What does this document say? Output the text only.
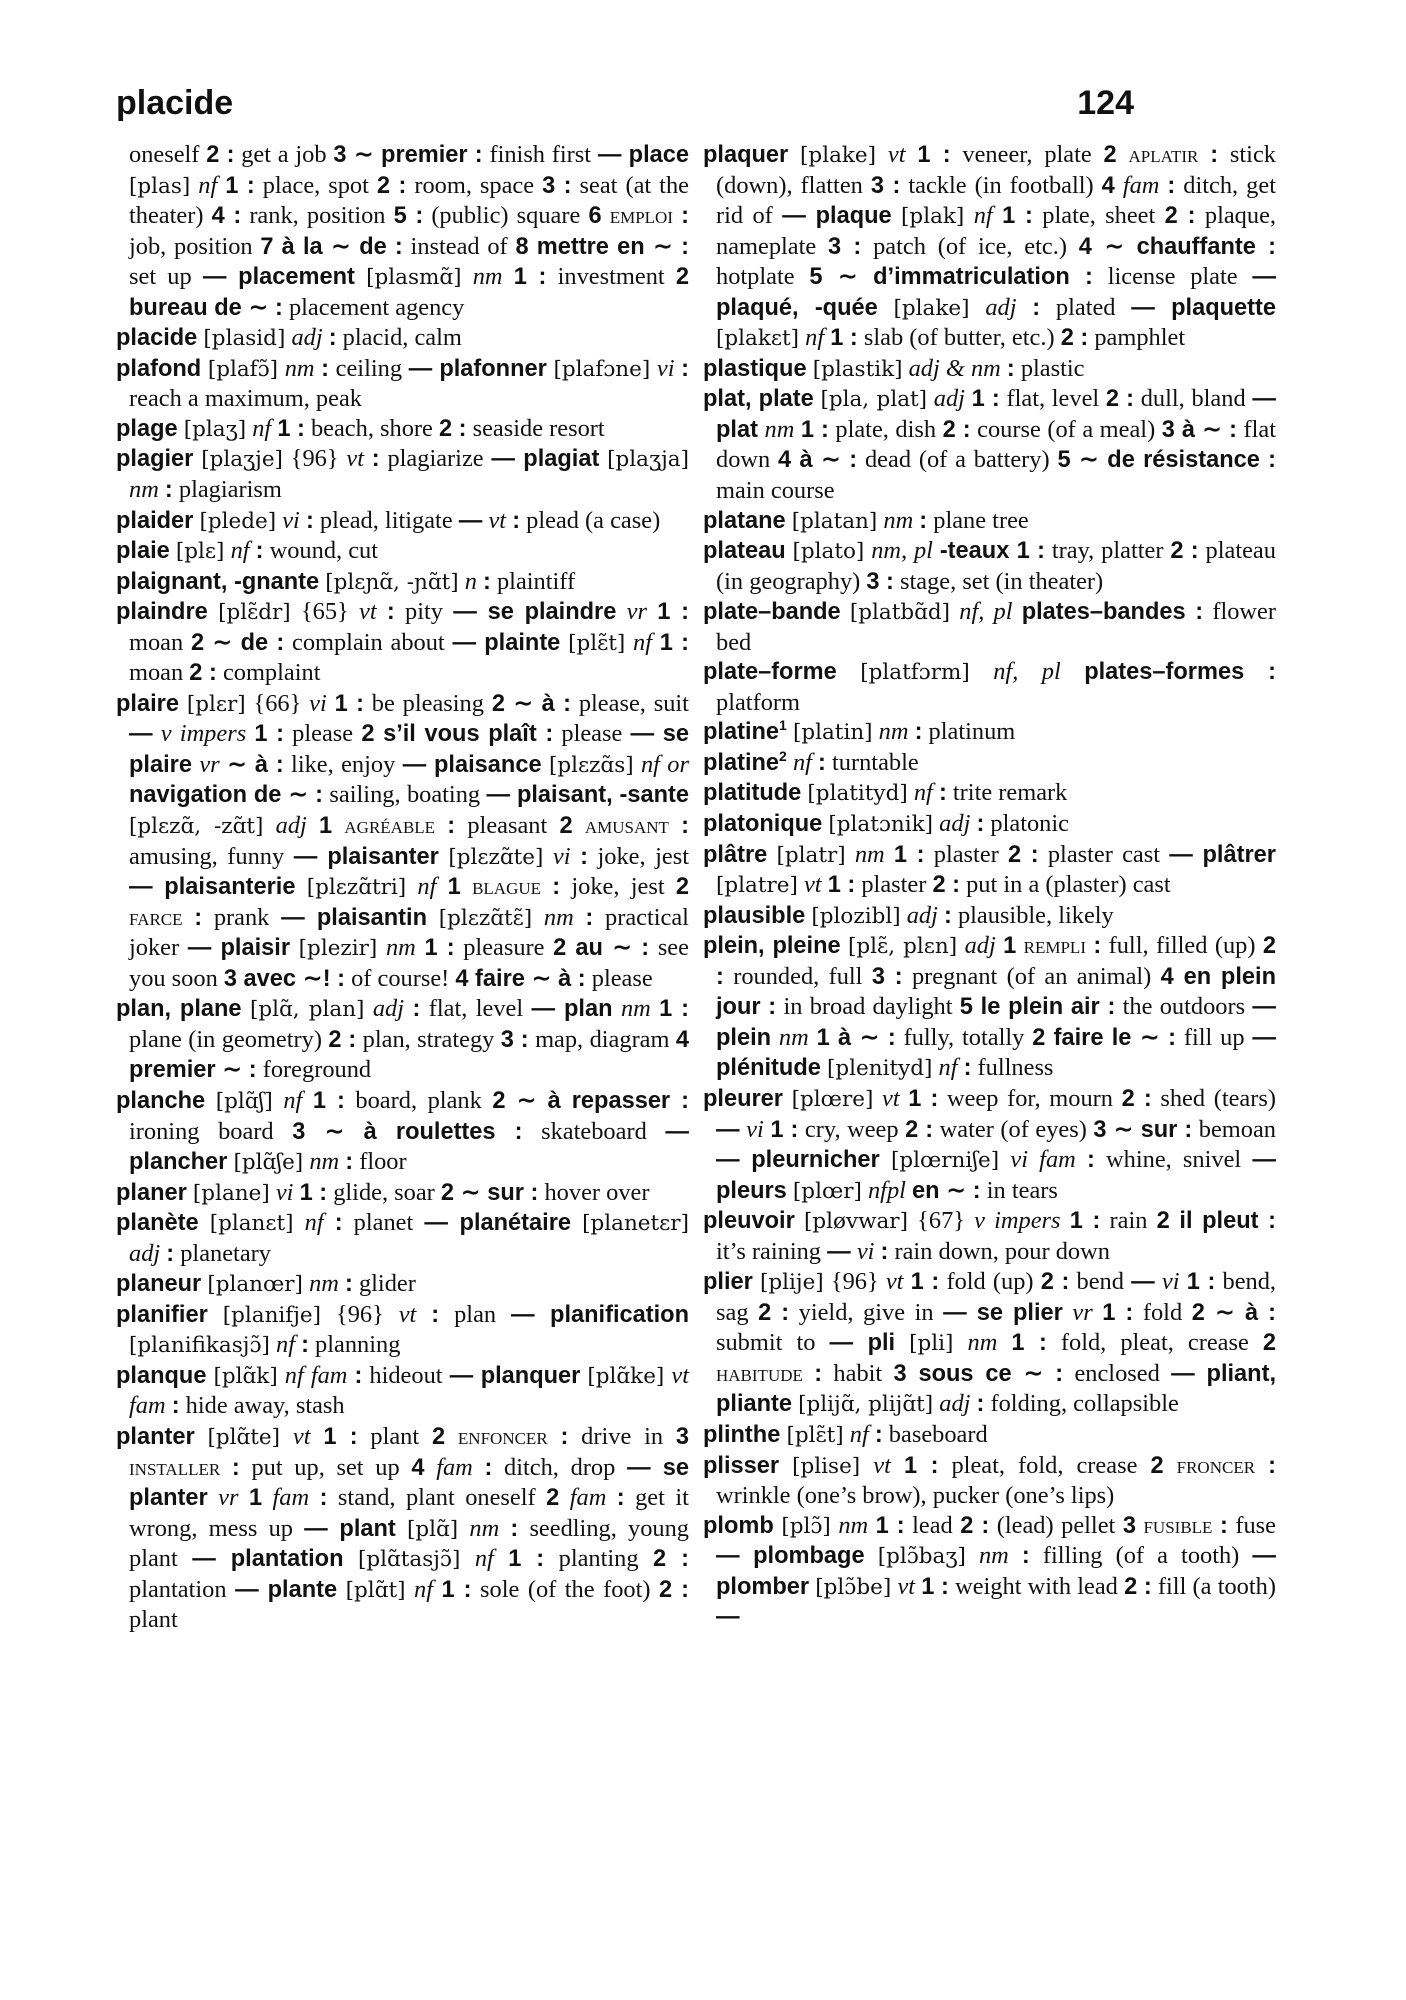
placide	124

oneself 2 : get a job 3 ∼ premier : finish first — place [plas] nf 1 : place, spot 2 : room, space 3 : seat (at the theater) 4 : rank, position 5 : (public) square 6 emploi : job, position 7 à la ∼ de : instead of 8 mettre en ∼ : set up — placement [plasmɑ̃] nm 1 : investment 2 bureau de ∼ : placement agency

placide [plasid] adj : placid, calm

plafond [plafɔ̃] nm : ceiling — plafonner [plafɔne] vi : reach a maximum, peak

plage [plaʒ] nf 1 : beach, shore 2 : seaside resort

plagier [plaʒje] {96} vt : plagiarize — plagiat [plaʒja] nm : plagiarism

plaider [plede] vi : plead, litigate — vt : plead (a case)

plaie [plɛ] nf : wound, cut

plaignant, -gnante [plɛɲɑ̃, -ɲɑ̃t] n : plaintiff

plaindre [plɛ̃dr] {65} vt : pity — se plaindre vr 1 : moan 2 ∼ de : complain about — plainte [plɛ̃t] nf 1 : moan 2 : complaint

plaire [plɛr] {66} vi 1 : be pleasing 2 ∼ à : please, suit — v impers 1 : please 2 s’il vous plaît : please — se plaire vr ∼ à : like, enjoy — plaisance [plɛzɑ̃s] nf or navigation de ∼ : sailing, boating — plaisant, -sante [plɛzɑ̃, -zɑ̃t] adj 1 agréable : pleasant 2 amusant : amusing, funny — plaisanter [plɛzɑ̃te] vi : joke, jest — plaisanterie [plɛzɑ̃tri] nf 1 blague : joke, jest 2 farce : prank — plaisantin [plɛzɑ̃tɛ̃] nm : practical joker — plaisir [plezir] nm 1 : pleasure 2 au ∼ : see you soon 3 avec ∼! : of course! 4 faire ∼ à : please

plan, plane [plɑ̃, plan] adj : flat, level — plan nm 1 : plane (in geometry) 2 : plan, strategy 3 : map, diagram 4 premier ∼ : foreground

planche [plɑ̃ʃ] nf 1 : board, plank 2 ∼ à repasser : ironing board 3 ∼ à roulettes : skateboard — plancher [plɑ̃ʃe] nm : floor

planer [plane] vi 1 : glide, soar 2 ∼ sur : hover over

planète [planɛt] nf : planet — planétaire [planetɛr] adj : planetary

planeur [planœr] nm : glider

planifier [planifje] {96} vt : plan — planification [planifikasjɔ̃] nf : planning

planque [plɑ̃k] nf fam : hideout — planquer [plɑ̃ke] vt fam : hide away, stash

planter [plɑ̃te] vt 1 : plant 2 enfoncer : drive in 3 installer : put up, set up 4 fam : ditch, drop — se planter vr 1 fam : stand, plant oneself 2 fam : get it wrong, mess up — plant [plɑ̃] nm : seedling, young plant — plantation [plɑ̃tasjɔ̃] nf 1 : planting 2 : plantation — plante [plɑ̃t] nf 1 : sole (of the foot) 2 : plant

plaquer [plake] vt 1 : veneer, plate 2 aplatir : stick (down), flatten 3 : tackle (in football) 4 fam : ditch, get rid of — plaque [plak] nf 1 : plate, sheet 2 : plaque, nameplate 3 : patch (of ice, etc.) 4 ∼ chauffante : hotplate 5 ∼ d’immatriculation : license plate — plaqué, -quée [plake] adj : plated — plaquette [plakɛt] nf 1 : slab (of butter, etc.) 2 : pamphlet

plastique [plastik] adj & nm : plastic

plat, plate [pla, plat] adj 1 : flat, level 2 : dull, bland — plat nm 1 : plate, dish 2 : course (of a meal) 3 à ∼ : flat down 4 à ∼ : dead (of a battery) 5 ∼ de résistance : main course

platane [platan] nm : plane tree

plateau [plato] nm, pl -teaux 1 : tray, platter 2 : plateau (in geography) 3 : stage, set (in theater)

plate–bande [platbɑ̃d] nf, pl plates–bandes : flower bed

plate–forme [platfɔrm] nf, pl plates–formes : platform

platine$^1$ [platin] nm : platinum

platine$^2$ nf : turntable

platitude [platityd] nf : trite remark

platonique [platɔnik] adj : platonic

plâtre [platr] nm 1 : plaster 2 : plaster cast — plâtrer [platre] vt 1 : plaster 2 : put in a (plaster) cast

plausible [plozibl] adj : plausible, likely

plein, pleine [plɛ̃, plɛn] adj 1 rempli : full, filled (up) 2 : rounded, full 3 : pregnant (of an animal) 4 en plein jour : in broad daylight 5 le plein air : the outdoors — plein nm 1 à ∼ : fully, totally 2 faire le ∼ : fill up — plénitude [plenityd] nf : fullness

pleurer [plœre] vt 1 : weep for, mourn 2 : shed (tears) — vi 1 : cry, weep 2 : water (of eyes) 3 ∼ sur : bemoan — pleurnicher [plœrniʃe] vi fam : whine, snivel — pleurs [plœr] nfpl en ∼ : in tears

pleuvoir [pløvwar] {67} v impers 1 : rain 2 il pleut : it’s raining — vi : rain down, pour down

plier [plije] {96} vt 1 : fold (up) 2 : bend — vi 1 : bend, sag 2 : yield, give in — se plier vr 1 : fold 2 ∼ à : submit to — pli [pli] nm 1 : fold, pleat, crease 2 habitude : habit 3 sous ce ∼ : enclosed — pliant, pliante [plijɑ̃, plijɑ̃t] adj : folding, collapsible

plinthe [plɛ̃t] nf : baseboard

plisser [plise] vt 1 : pleat, fold, crease 2 froncer : wrinkle (one’s brow), pucker (one’s lips)

plomb [plɔ̃] nm 1 : lead 2 : (lead) pellet 3 fusible : fuse — plombage [plɔ̃baʒ] nm : filling (of a tooth) — plomber [plɔ̃be] vt 1 : weight with lead 2 : fill (a tooth) —
